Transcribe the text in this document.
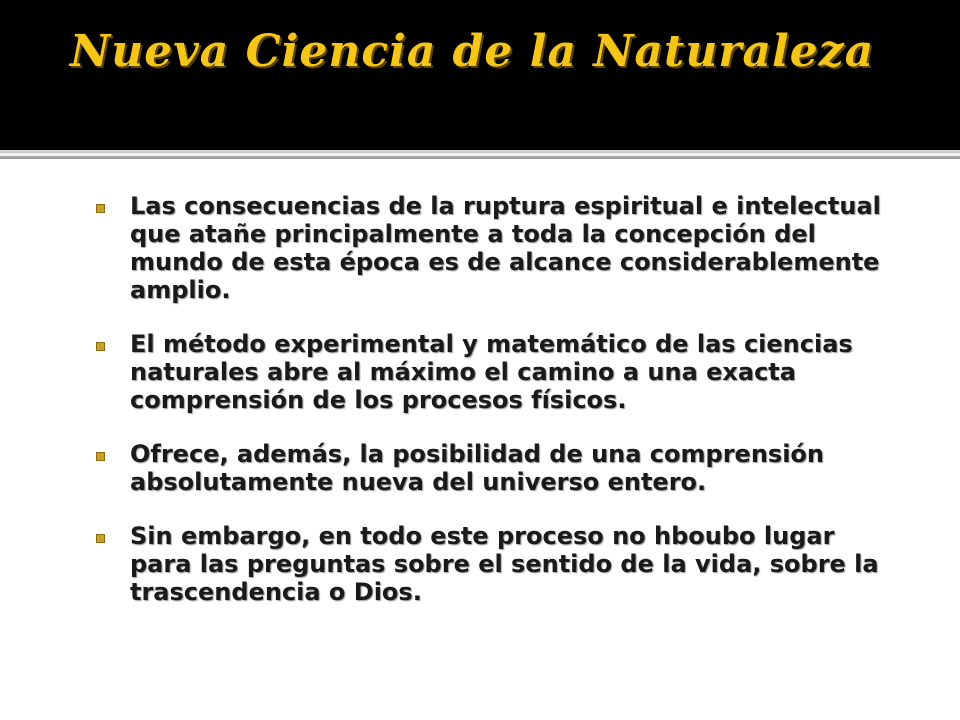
Nueva Ciencia de la Naturaleza
Las consecuencias de la ruptura espiritual e intelectual que atañe principalmente a toda la concepción del mundo de esta época es de alcance considerablemente amplio.
El método experimental y matemático de las ciencias naturales abre al máximo el camino a una exacta comprensión de los procesos físicos.
Ofrece, además, la posibilidad de una comprensión absolutamente nueva del universo entero.
Sin embargo, en todo este proceso no hboubo lugar para las preguntas sobre el sentido de la vida, sobre la trascendencia o Dios.
